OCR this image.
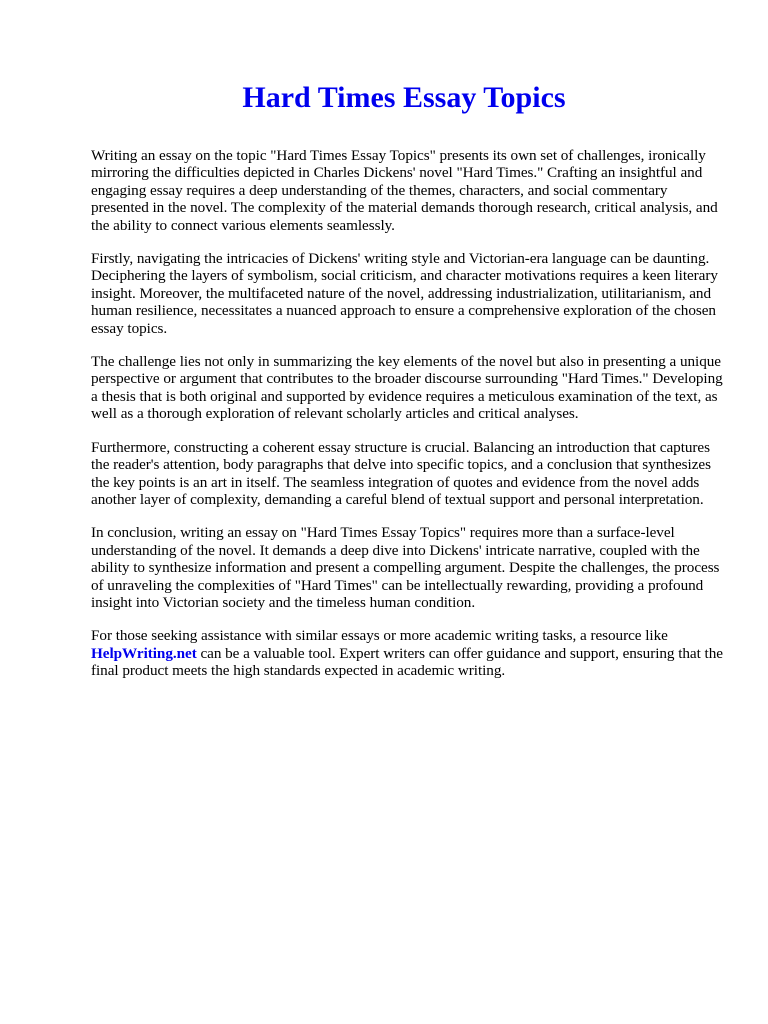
Hard Times Essay Topics

Writing an essay on the topic "Hard Times Essay Topics" presents its own set of challenges, ironically mirroring the difficulties depicted in Charles Dickens' novel "Hard Times." Crafting an insightful and engaging essay requires a deep understanding of the themes, characters, and social commentary presented in the novel. The complexity of the material demands thorough research, critical analysis, and the ability to connect various elements seamlessly.

Firstly, navigating the intricacies of Dickens' writing style and Victorian-era language can be daunting. Deciphering the layers of symbolism, social criticism, and character motivations requires a keen literary insight. Moreover, the multifaceted nature of the novel, addressing industrialization, utilitarianism, and human resilience, necessitates a nuanced approach to ensure a comprehensive exploration of the chosen essay topics.

The challenge lies not only in summarizing the key elements of the novel but also in presenting a unique perspective or argument that contributes to the broader discourse surrounding "Hard Times." Developing a thesis that is both original and supported by evidence requires a meticulous examination of the text, as well as a thorough exploration of relevant scholarly articles and critical analyses.

Furthermore, constructing a coherent essay structure is crucial. Balancing an introduction that captures the reader's attention, body paragraphs that delve into specific topics, and a conclusion that synthesizes the key points is an art in itself. The seamless integration of quotes and evidence from the novel adds another layer of complexity, demanding a careful blend of textual support and personal interpretation.

In conclusion, writing an essay on "Hard Times Essay Topics" requires more than a surface-level understanding of the novel. It demands a deep dive into Dickens' intricate narrative, coupled with the ability to synthesize information and present a compelling argument. Despite the challenges, the process of unraveling the complexities of "Hard Times" can be intellectually rewarding, providing a profound insight into Victorian society and the timeless human condition.

For those seeking assistance with similar essays or more academic writing tasks, a resource like HelpWriting.net can be a valuable tool. Expert writers can offer guidance and support, ensuring that the final product meets the high standards expected in academic writing.
